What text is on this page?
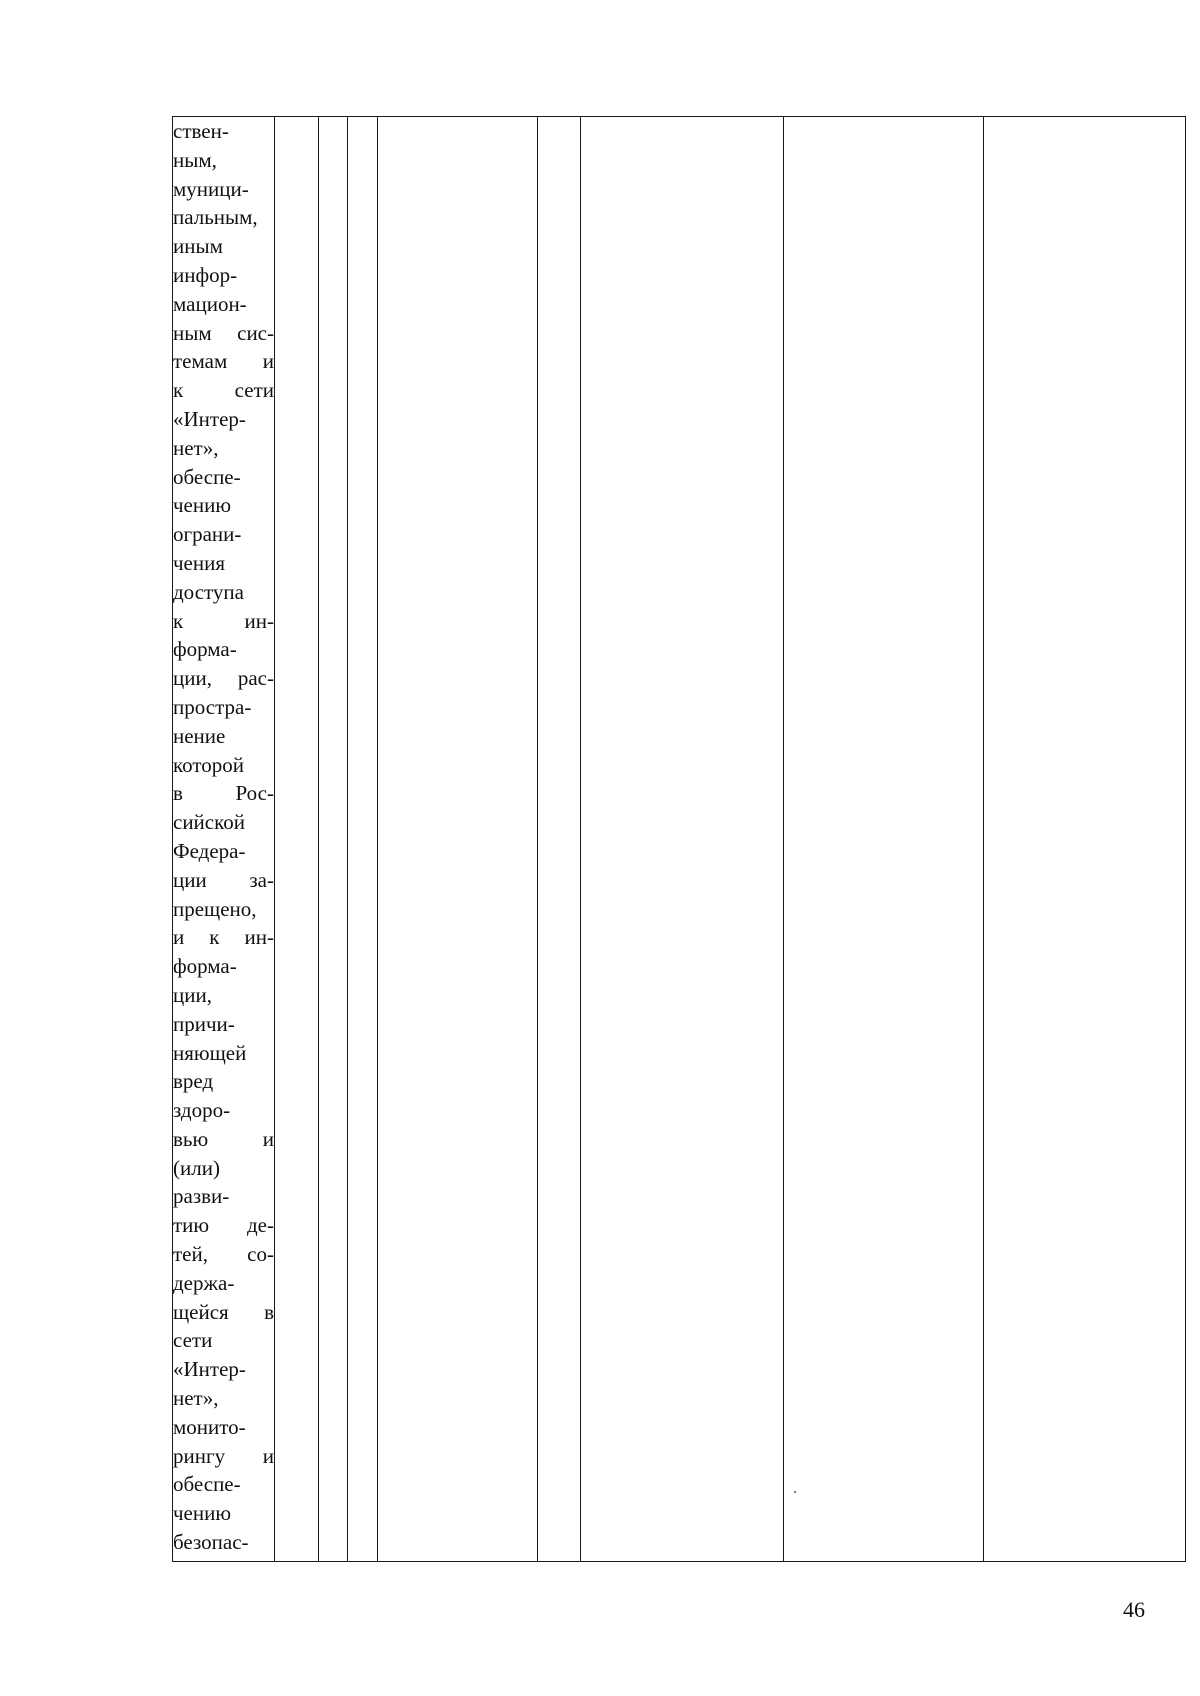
ствен-
ным,
муници-
пальным,
иным
инфор-
мацион-
ным сис-
темам и
к сети
«Интер-
нет»,
обеспе-
чению
ограни-
чения
доступа
к ин-
форма-
ции, рас-
простра-
нение
которой
в Рос-
сийской
Федера-
ции за-
прещено,
и к ин-
форма-
ции,
причи-
няющей
вред
здоро-
вью и
(или)
разви-
тию де-
тей, со-
держа-
щейся в
сети
«Интер-
нет»,
монито-
рингу и
обеспе-
чению
безопас-

46
